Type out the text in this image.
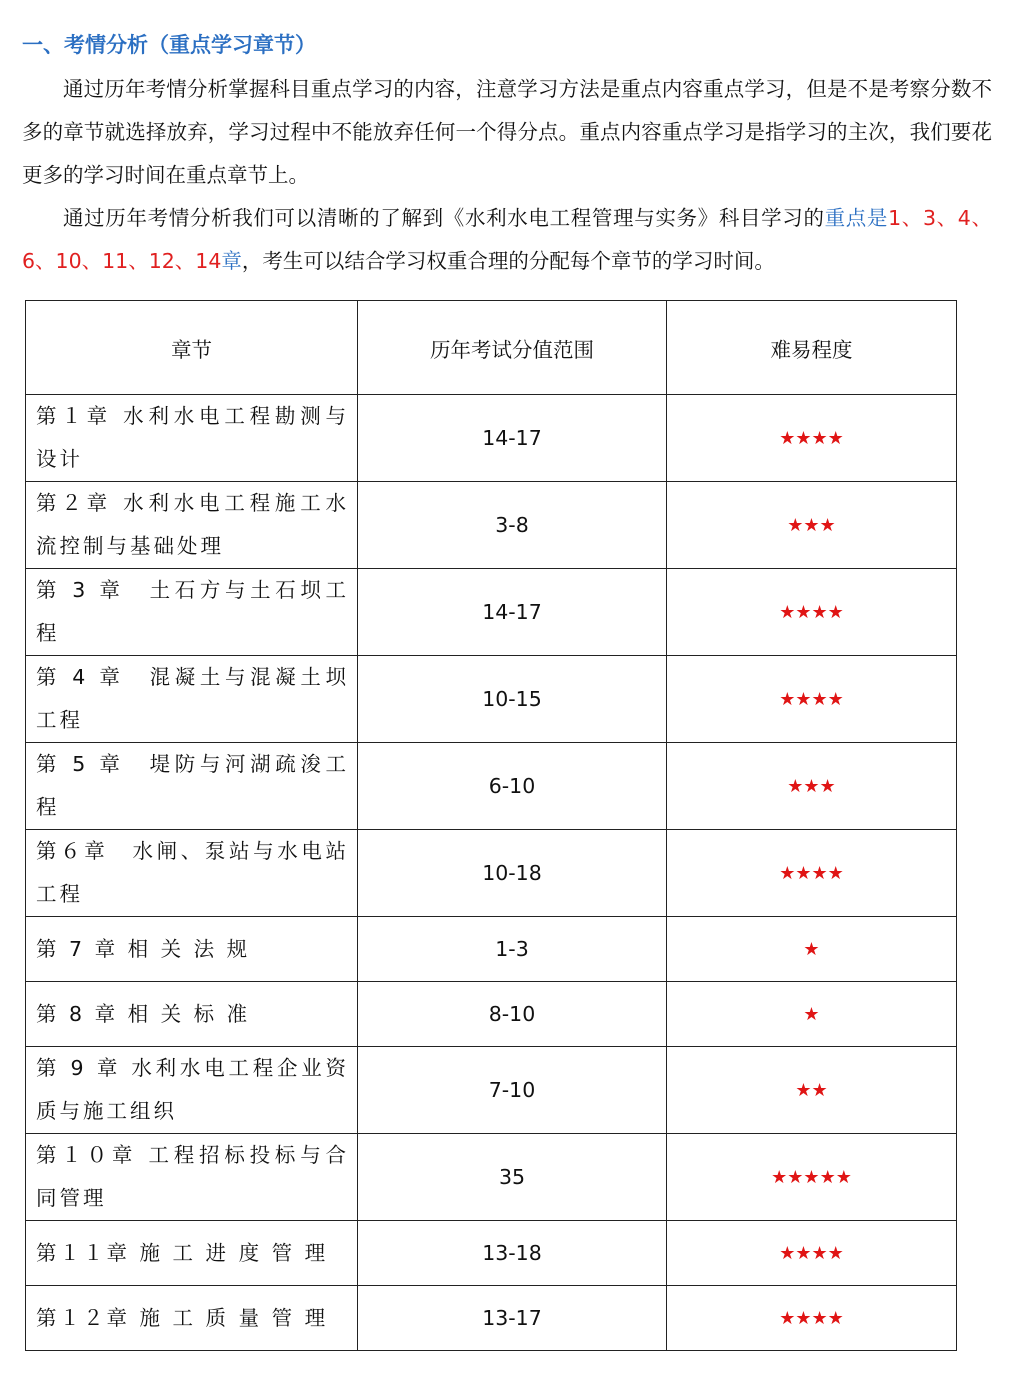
一、考情分析（重点学习章节）

通过历年考情分析掌握科目重点学习的内容，注意学习方法是重点内容重点学习，但是不是考察分数不多的章节就选择放弃，学习过程中不能放弃任何一个得分点。重点内容重点学习是指学习的主次，我们要花更多的学习时间在重点章节上。

通过历年考情分析我们可以清晰的了解到《水利水电工程管理与实务》科目学习的重点是1、3、4、6、10、11、12、14章，考生可以结合学习权重合理的分配每个章节的学习时间。

章节	历年考试分值范围	难易程度
第１章 水利水电工程勘测与设计	14-17	★★★★
第２章 水利水电工程施工水流控制与基础处理	3-8	★★★
第 3 章　土石方与土石坝工程	14-17	★★★★
第 4 章　混凝土与混凝土坝工程	10-15	★★★★
第 5 章　堤防与河湖疏浚工程	6-10	★★★
第６章　水闸、泵站与水电站工程	10-18	★★★★
第 7 章 相 关 法 规	1-3	★
第 8 章 相 关 标 准	8-10	★
第 9 章 水利水电工程企业资质与施工组织	7-10	★★
第１０章 工程招标投标与合同管理	35	★★★★★
第１１章 施 工 进 度 管 理	13-18	★★★★
第１２章 施 工 质 量 管 理	13-17	★★★★
